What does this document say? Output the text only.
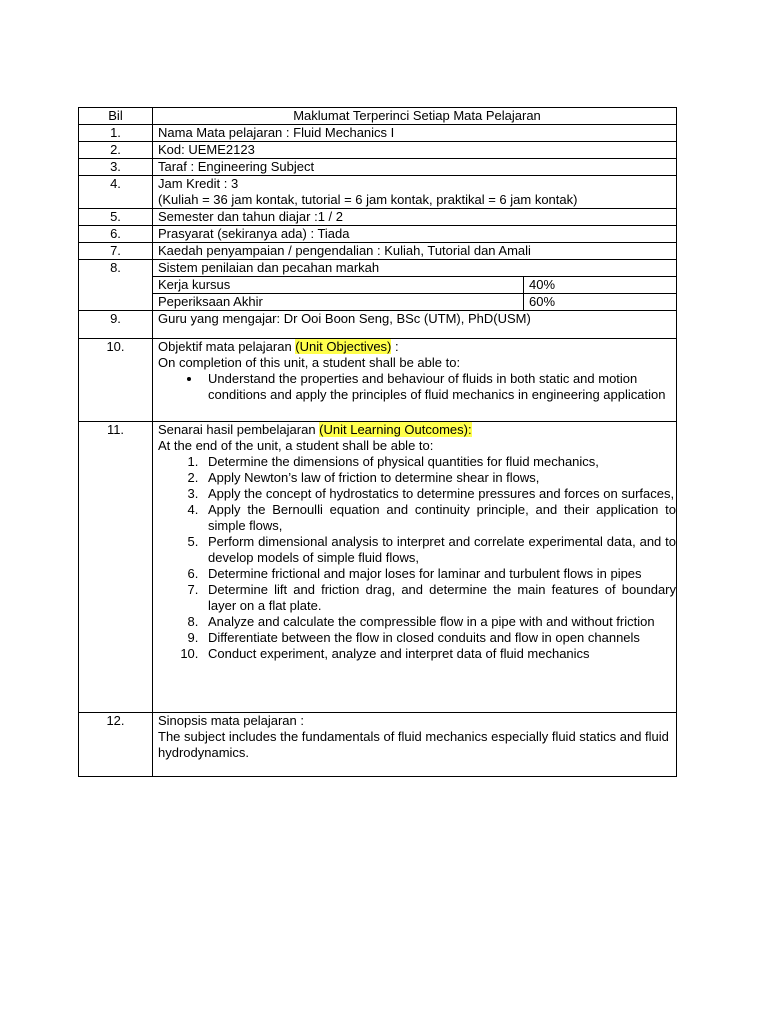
Bil	Maklumat Terperinci Setiap Mata Pelajaran
1.	Nama Mata pelajaran : Fluid Mechanics I
2.	Kod: UEME2123
3.	Taraf : Engineering Subject
4.	Jam Kredit : 3
(Kuliah = 36 jam kontak, tutorial = 6 jam kontak, praktikal = 6 jam kontak)

5.	Semester dan tahun diajar :1 / 2
6.	Prasyarat (sekiranya ada) : Tiada
7.	Kaedah penyampaian / pengendalian : Kuliah, Tutorial dan Amali
8.	Sistem penilaian dan pecahan markah
Kerja kursus	40%
Peperiksaan Akhir	60%

9.	Guru yang mengajar: Dr Ooi Boon Seng, BSc (UTM), PhD(USM)
10.	Objektif mata pelajaran (Unit Objectives) :
On completion of this unit, a student shall be able to:
• Understand the properties and behaviour of fluids in both static and motion conditions and apply the principles of fluid mechanics in engineering application

11.	Senarai hasil pembelajaran (Unit Learning Outcomes):
At the end of the unit, a student shall be able to:
1. Determine the dimensions of physical quantities for fluid mechanics,
2. Apply Newton’s law of friction to determine shear in flows,
3. Apply the concept of hydrostatics to determine pressures and forces on surfaces,
4. Apply the Bernoulli equation and continuity principle, and their application to simple flows,
5. Perform dimensional analysis to interpret and correlate experimental data, and to develop models of simple fluid flows,
6. Determine frictional and major loses for laminar and turbulent flows in pipes
7. Determine lift and friction drag, and determine the main features of boundary layer on a flat plate.
8. Analyze and calculate the compressible flow in a pipe with and without friction
9. Differentiate between the flow in closed conduits and flow in open channels
10. Conduct experiment, analyze and interpret data of fluid mechanics

12.	Sinopsis mata pelajaran :
The subject includes the fundamentals of fluid mechanics especially fluid statics and fluid hydrodynamics.
